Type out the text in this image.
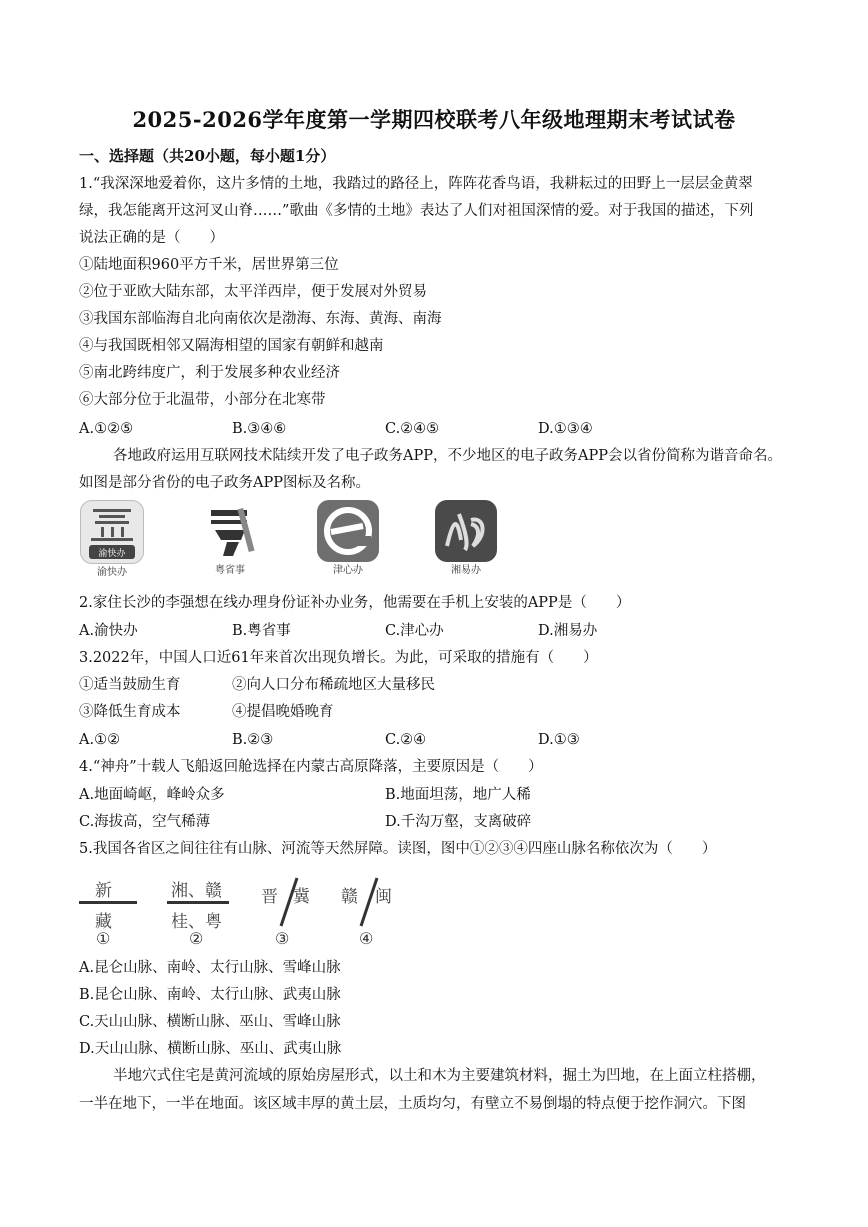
2025-2026学年度第一学期四校联考八年级地理期末考试试卷
一、选择题（共20小题，每小题1分）
1.“我深深地爱着你，这片多情的土地，我踏过的路径上，阵阵花香鸟语，我耕耘过的田野上一层层金黄翠
绿，我怎能离开这河叉山脊……”歌曲《多情的土地》表达了人们对祖国深情的爱。对于我国的描述，下列
说法正确的是（　　）
①陆地面积960平方千米，居世界第三位
②位于亚欧大陆东部，太平洋西岸，便于发展对外贸易
③我国东部临海自北向南依次是渤海、东海、黄海、南海
④与我国既相邻又隔海相望的国家有朝鲜和越南
⑤南北跨纬度广，利于发展多种农业经济
⑥大部分位于北温带，小部分在北寒带
A.①②⑤	B.③④⑥	C.②④⑤	D.①③④
各地政府运用互联网技术陆续开发了电子政务APP，不少地区的电子政务APP会以省份简称为谐音命名。
如图是部分省份的电子政务APP图标及名称。
渝快办
渝快办	粤省事	津心办	湘易办
2.家住长沙的李强想在线办理身份证补办业务，他需要在手机上安装的APP是（　　）
A.渝快办	B.粤省事	C.津心办	D.湘易办
3.2022年，中国人口近61年来首次出现负增长。为此，可采取的措施有（　　）
①适当鼓励生育	②向人口分布稀疏地区大量移民
③降低生育成本	④提倡晚婚晚育
A.①②	B.②③	C.②④	D.①③
4.“神舟”十载人飞船返回舱选择在内蒙古高原降落，主要原因是（　　）
A.地面崎岖，峰岭众多	B.地面坦荡，地广人稀
C.海拔高，空气稀薄	D.千沟万壑，支离破碎
5.我国各省区之间往往有山脉、河流等天然屏障。读图，图中①②③④四座山脉名称依次为（　　）
新
藏
①
湘、赣
桂、粤
②
晋 冀
③
赣 闽
④
A.昆仑山脉、南岭、太行山脉、雪峰山脉
B.昆仑山脉、南岭、太行山脉、武夷山脉
C.天山山脉、横断山脉、巫山、雪峰山脉
D.天山山脉、横断山脉、巫山、武夷山脉
半地穴式住宅是黄河流域的原始房屋形式，以土和木为主要建筑材料，掘土为凹地，在上面立柱搭棚，
一半在地下，一半在地面。该区域丰厚的黄土层，土质均匀，有壁立不易倒塌的特点便于挖作洞穴。下图
